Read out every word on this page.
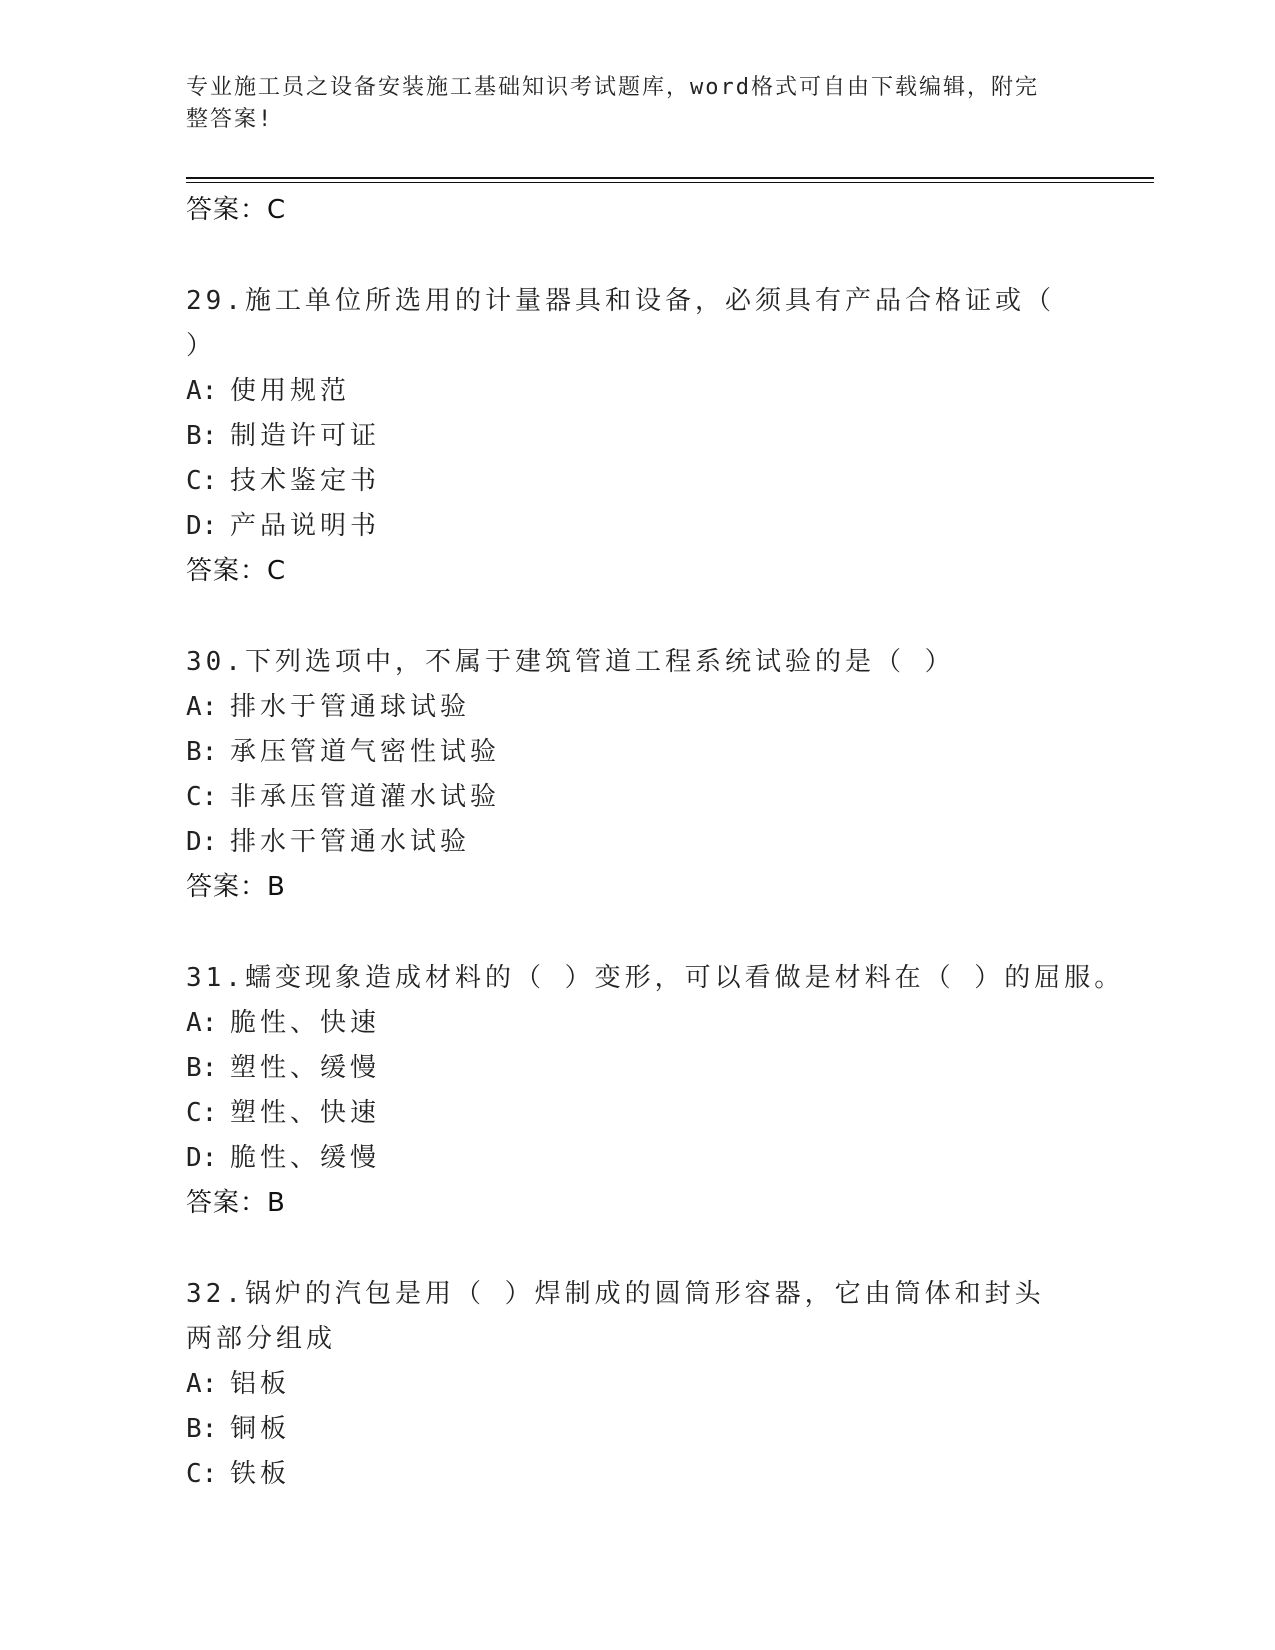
专业施工员之设备安装施工基础知识考试题库，word格式可自由下载编辑，附完
整答案!
答案：C
29.施工单位所选用的计量器具和设备，必须具有产品合格证或（ ）
A: 使用规范
B: 制造许可证
C: 技术鉴定书
D: 产品说明书
答案：C
30.下列选项中，不属于建筑管道工程系统试验的是（ ）
A: 排水于管通球试验
B: 承压管道气密性试验
C: 非承压管道灌水试验
D: 排水干管通水试验
答案：B
31.蠕变现象造成材料的（ ）变形，可以看做是材料在（ ）的屈服。
A: 脆性、快速
B: 塑性、缓慢
C: 塑性、快速
D: 脆性、缓慢
答案：B
32.锅炉的汽包是用（ ）焊制成的圆筒形容器，它由筒体和封头两部分组成
A: 铝板
B: 铜板
C: 铁板
